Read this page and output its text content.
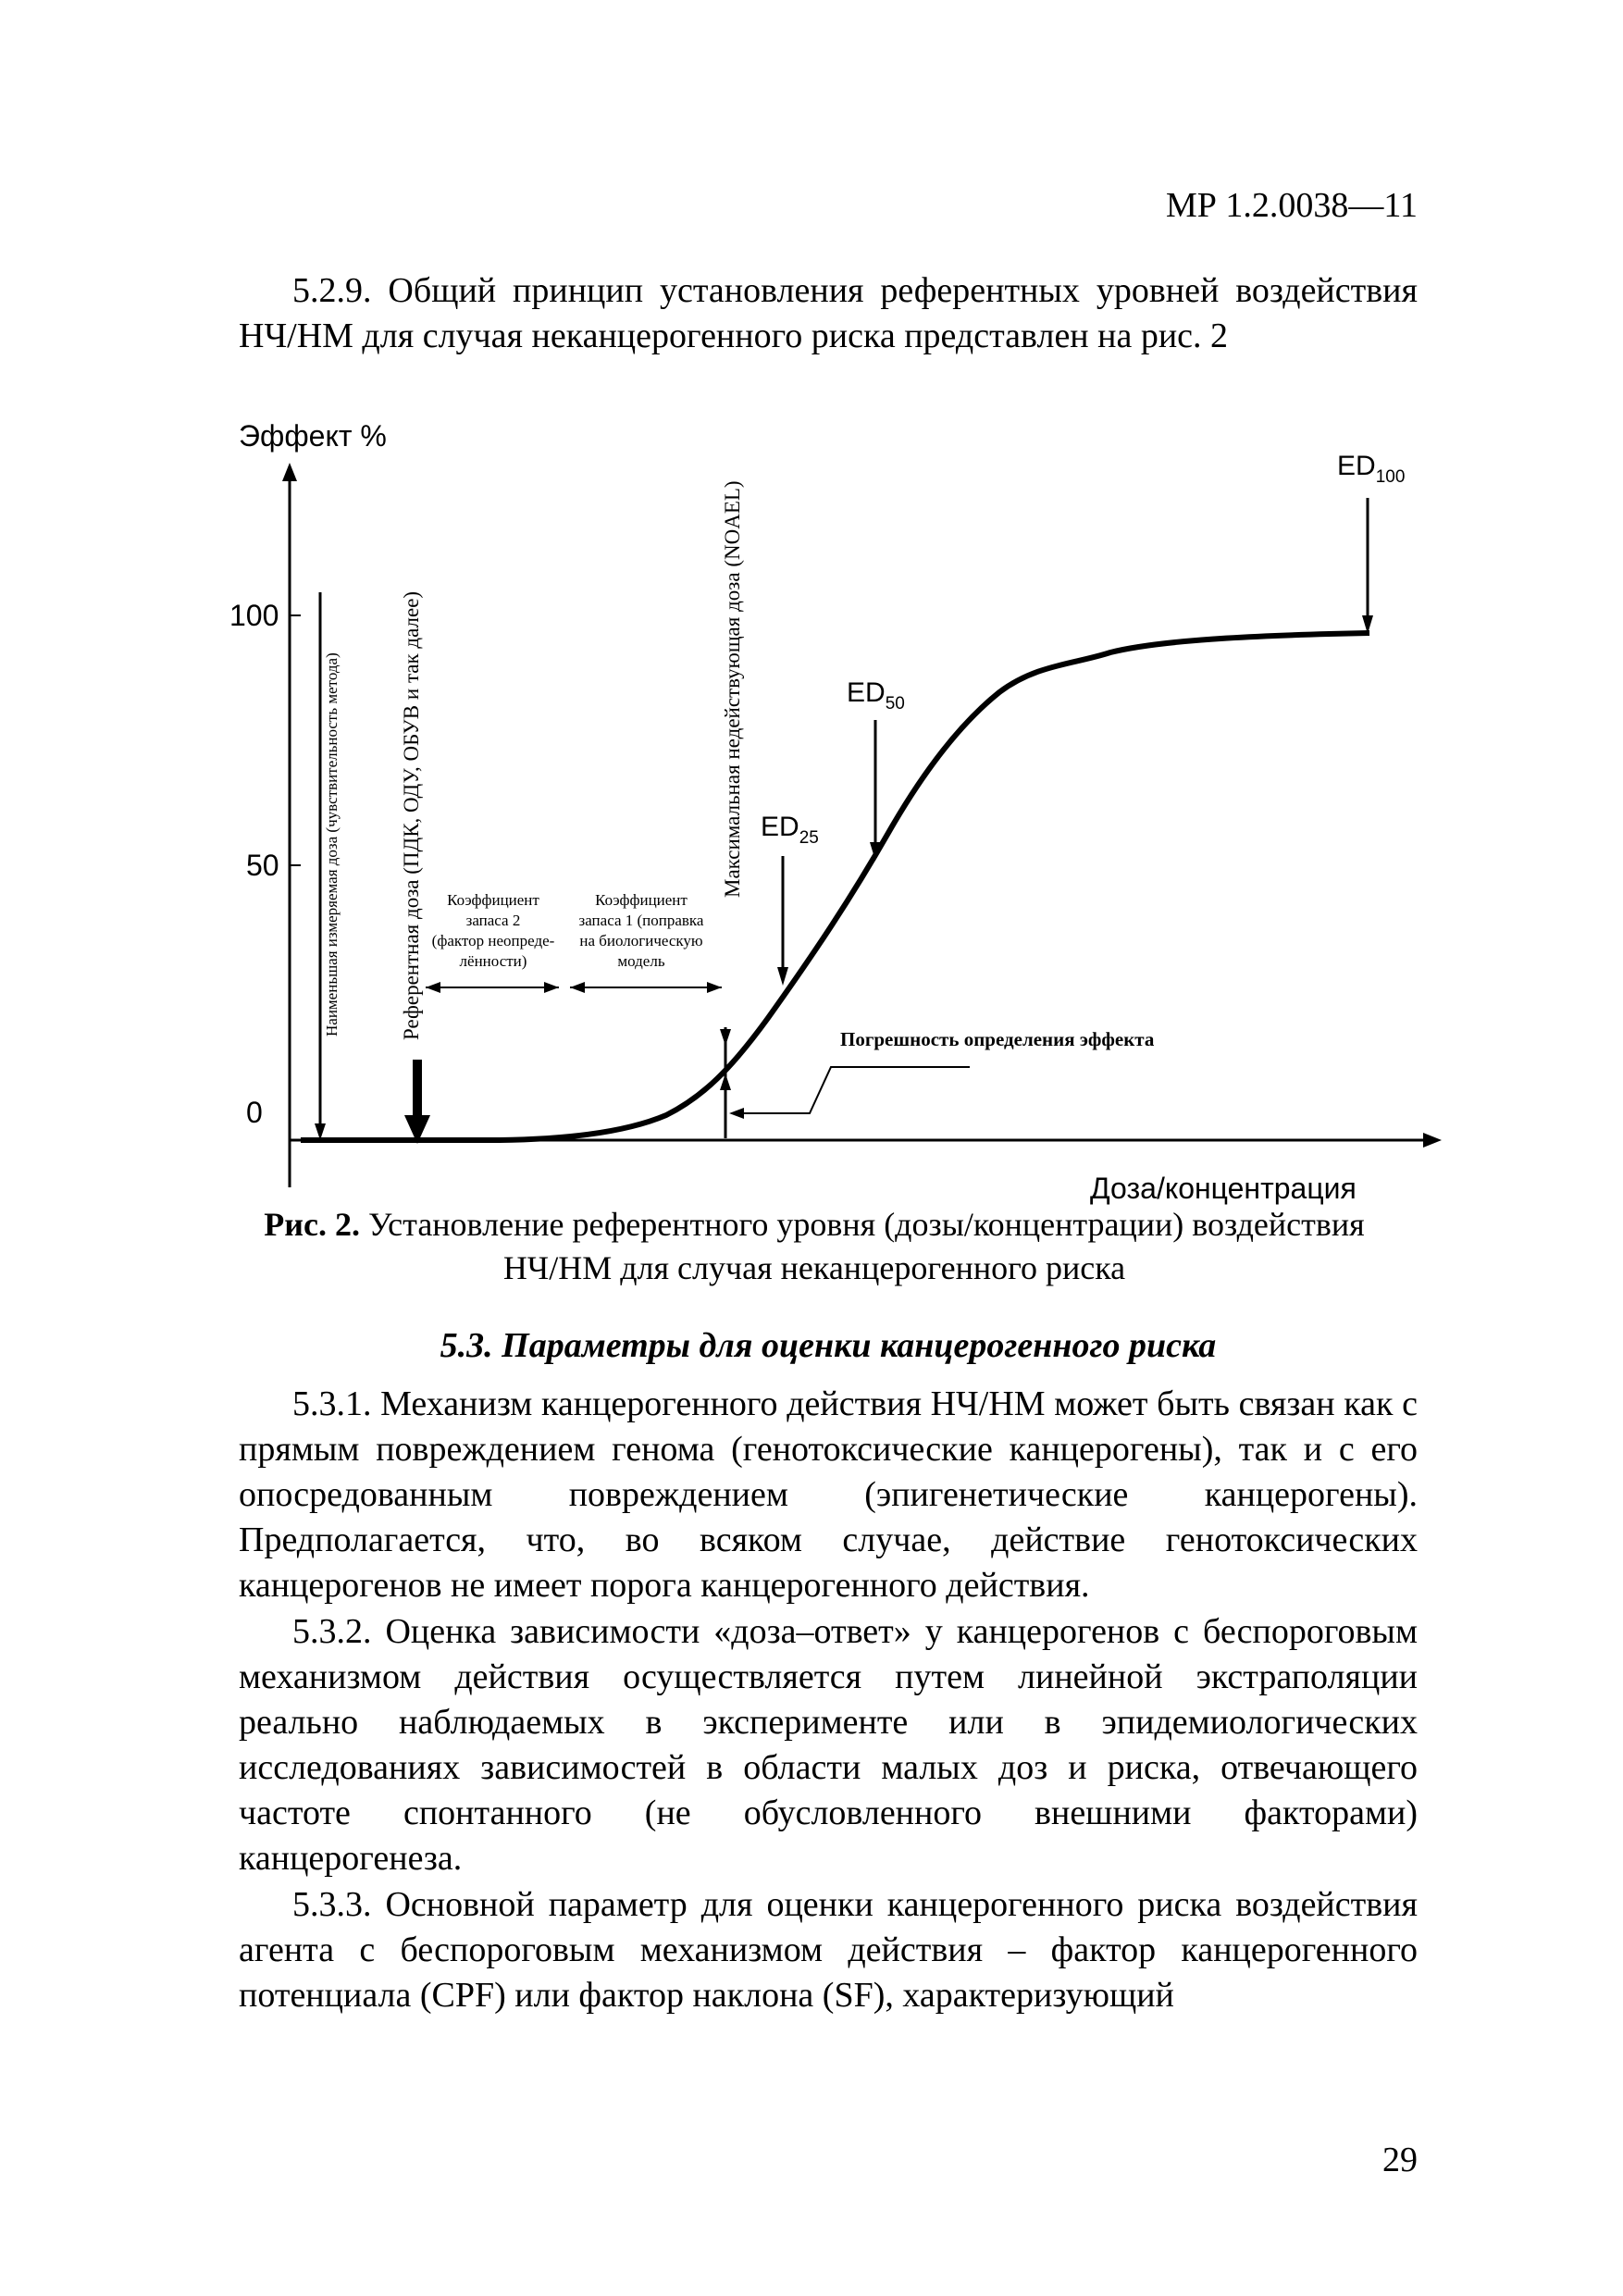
МР 1.2.0038—11

5.2.9. Общий принцип установления референтных уровней воздействия НЧ/НМ для случая неканцерогенного риска представлен на рис. 2

Эффект %
100
50
0
Доза/концентрация
Наименьшая измеряемая доза (чувствительность метода)	Референтная доза (ПДК, ОДУ, ОБУВ и так далее)	Максимальная недействующая доза (NOAEL)
Коэффициент
запаса 2
(фактор неопреде-
лённости)
Коэффициент
запаса 1 (поправка
на биологическую
модель
$ED_{25}$
$ED_{50}$
$ED_{100}$
Погрешность определения эффекта
Рис. 2. Установление референтного уровня (дозы/концентрации) воздействия
НЧ/НМ для случая неканцерогенного риска
5.3. Параметры для оценки канцерогенного риска

5.3.1. Механизм канцерогенного действия НЧ/НМ может быть связан как с прямым повреждением генома (генотоксические канцерогены), так и с его опосредованным повреждением (эпигенетические канцерогены). Предполагается, что, во всяком случае, действие генотоксических канцерогенов не имеет порога канцерогенного действия.

5.3.2. Оценка зависимости «доза–ответ» у канцерогенов с беспороговым механизмом действия осуществляется путем линейной экстраполяции реально наблюдаемых в эксперименте или в эпидемиологических исследованиях зависимостей в области малых доз и риска, отвечающего частоте спонтанного (не обусловленного внешними факторами) канцерогенеза.

5.3.3. Основной параметр для оценки канцерогенного риска воздействия агента с беспороговым механизмом действия – фактор канцерогенного потенциала (CPF) или фактор наклона (SF), характеризующий

29
